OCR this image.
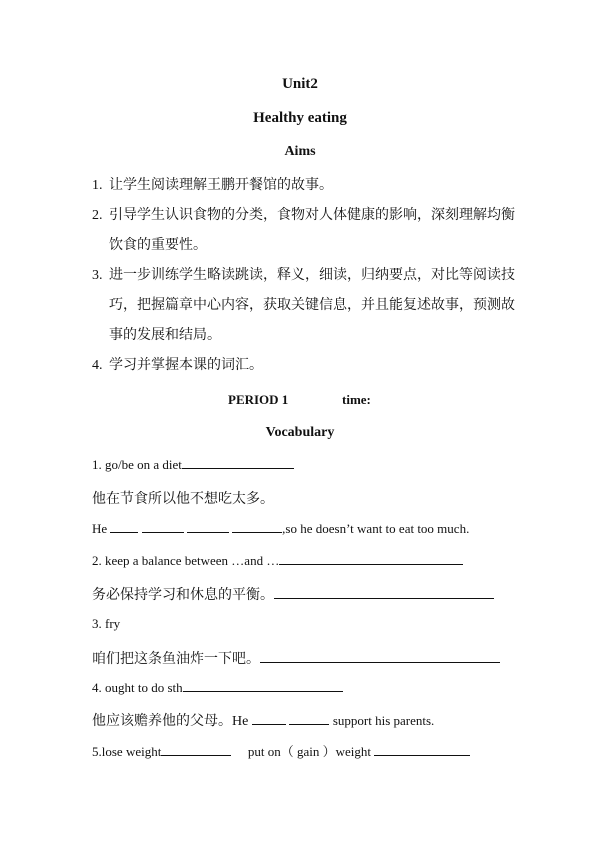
Unit2
Healthy eating
Aims
1. 让学生阅读理解王鹏开餐馆的故事。
2. 引导学生认识食物的分类，食物对人体健康的影响，深刻理解均衡饮食的重要性。
3. 进一步训练学生略读跳读，释义，细读，归纳要点，对比等阅读技巧，把握篇章中心内容，获取关键信息，并且能复述故事，预测故事的发展和结局。
4. 学习并掌握本课的词汇。
PERIOD 1	time:
Vocabulary
1. go/be on a diet
他在节食所以他不想吃太多。
He	,so he doesn’t want to eat too much.
2. keep a balance between …and …
务必保持学习和休息的平衡。
3. fry
咱们把这条鱼油炸一下吧。
4. ought to do sth
他应该赡养他的父母。He	support his parents.
5.lose weight	put on（ gain ）weight
